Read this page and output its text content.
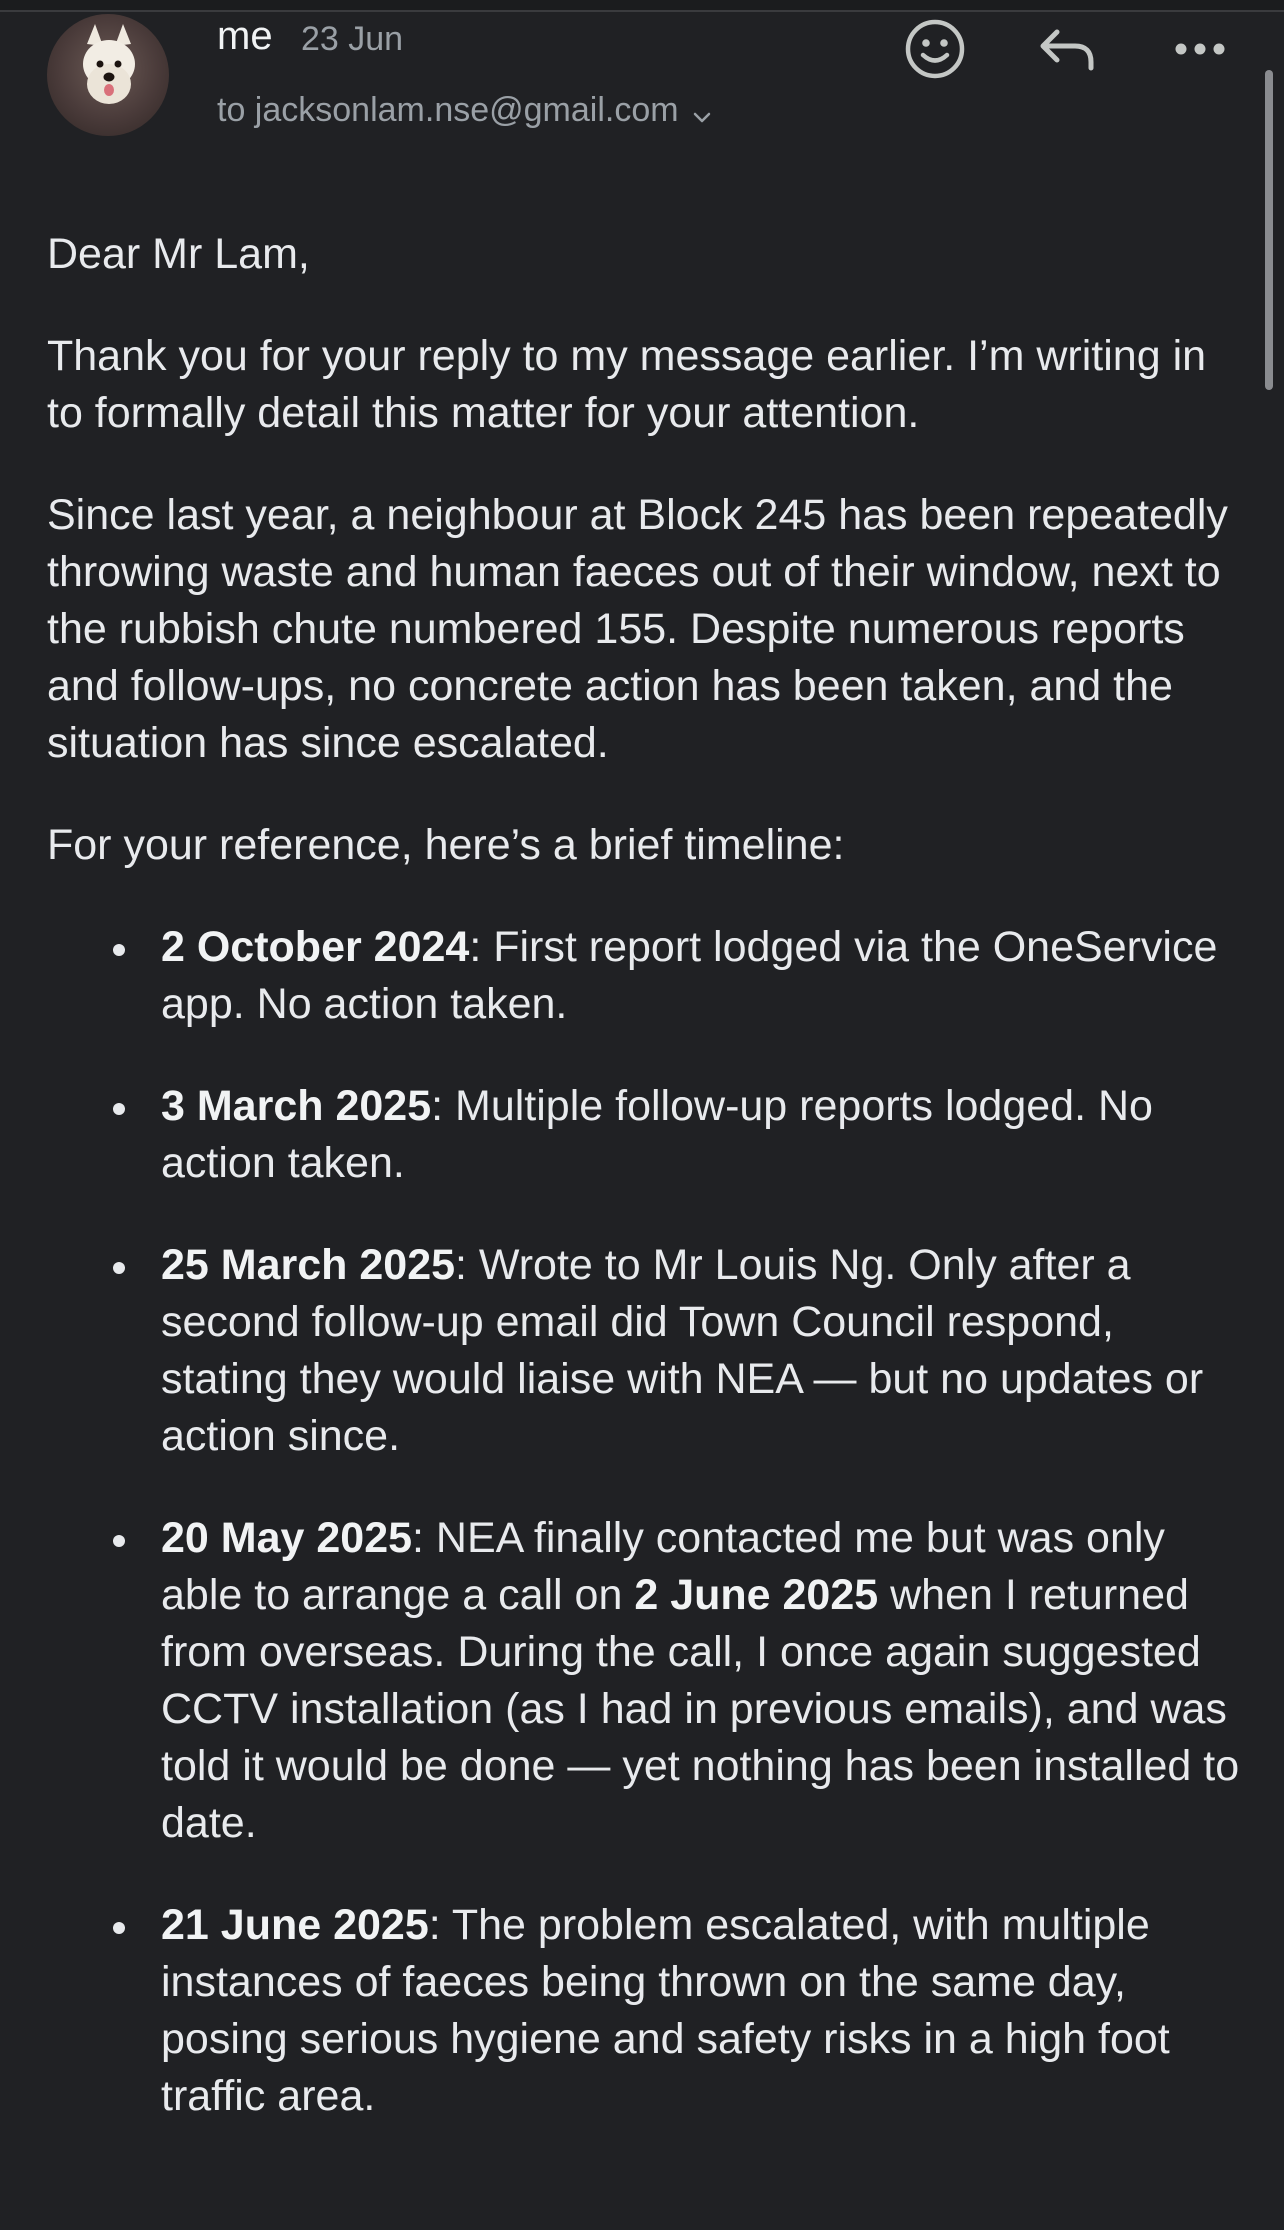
me 23 Jun
to jacksonlam.nse@gmail.com

Dear Mr Lam,

Thank you for your reply to my message earlier. I’m writing in to formally detail this matter for your attention.

Since last year, a neighbour at Block 245 has been repeatedly throwing waste and human faeces out of their window, next to the rubbish chute numbered 155. Despite numerous reports and follow-ups, no concrete action has been taken, and the situation has since escalated.

For your reference, here’s a brief timeline:

2 October 2024: First report lodged via the OneService app. No action taken.
3 March 2025: Multiple follow-up reports lodged. No action taken.
25 March 2025: Wrote to Mr Louis Ng. Only after a second follow-up email did Town Council respond, stating they would liaise with NEA — but no updates or action since.
20 May 2025: NEA finally contacted me but was only able to arrange a call on 2 June 2025 when I returned from overseas. During the call, I once again suggested CCTV installation (as I had in previous emails), and was told it would be done — yet nothing has been installed to date.
21 June 2025: The problem escalated, with multiple instances of faeces being thrown on the same day, posing serious hygiene and safety risks in a high foot traffic area.
